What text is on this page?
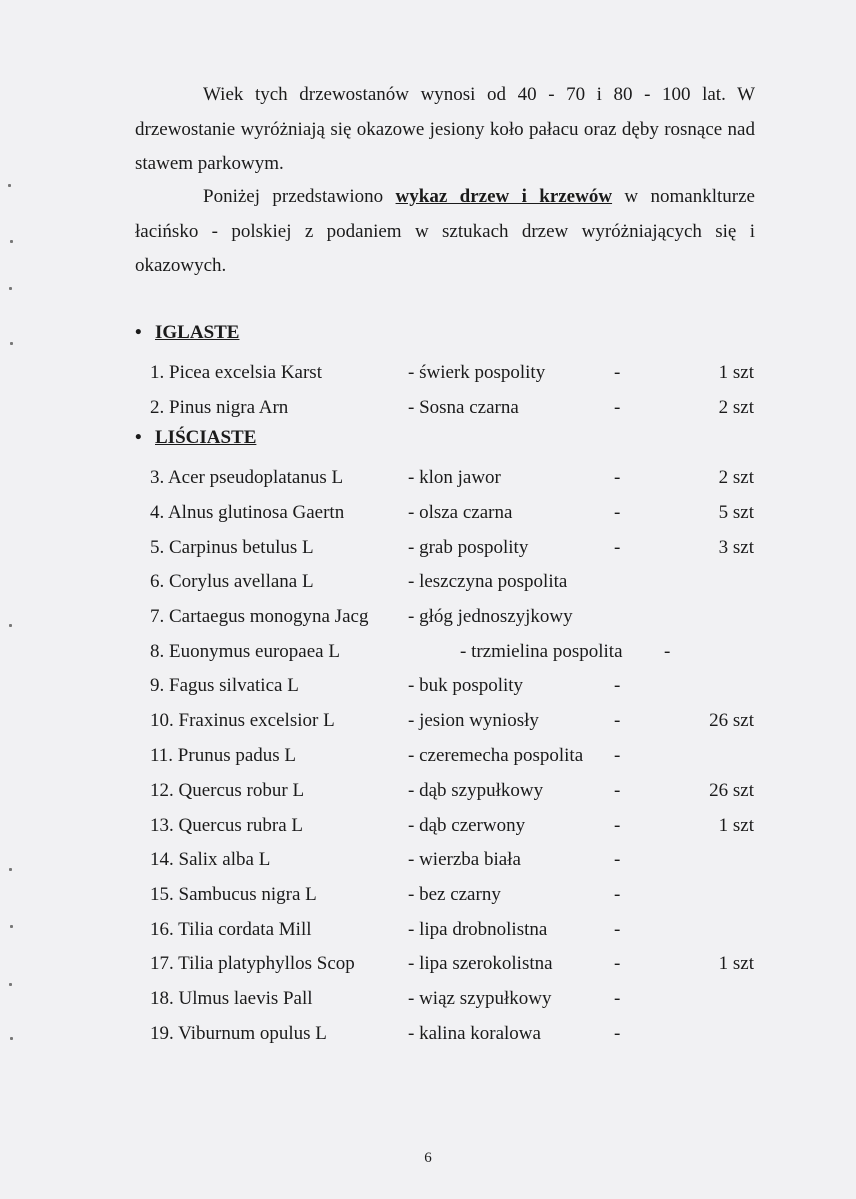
Wiek tych drzewostanów wynosi od 40 - 70 i 80 - 100 lat. W drzewostanie wyróżniają się okazowe jesiony koło pałacu oraz dęby rosnące nad stawem parkowym.

Poniżej przedstawiono wykaz drzew i krzewów w nomanklturze łacińsko - polskiej z podaniem w sztukach drzew wyróżniających się i okazowych.

• IGLASTE
• LIŚCIASTE
1. Picea excelsia Karst	- świerk pospolity	-	1 szt
2. Pinus nigra Arn	- Sosna czarna	-	2 szt
3. Acer pseudoplatanus L	- klon jawor	-	2 szt
4. Alnus glutinosa Gaertn	- olsza czarna	-	5 szt
5. Carpinus betulus L	- grab pospolity	-	3 szt
6. Corylus avellana L	- leszczyna pospolita
7. Cartaegus monogyna Jacg - głóg jednoszyjkowy
8. Euonymus europaea L	- trzmielina pospolita -
9. Fagus silvatica L	- buk pospolity	-
10. Fraxinus excelsior L	- jesion wyniosły	-	26 szt
11. Prunus padus L	- czeremecha pospolita -
12. Quercus robur L	- dąb szypułkowy	-	26 szt
13. Quercus rubra L	- dąb czerwony	-	1 szt
14. Salix alba L	- wierzba biała	-
15. Sambucus nigra L	- bez czarny	-
16. Tilia cordata Mill	- lipa drobnolistna	-
17. Tilia platyphyllos Scop	- lipa szerokolistna	-	1 szt
18. Ulmus laevis Pall	- wiąz szypułkowy	-
19. Viburnum opulus L	- kalina koralowa	-
6
